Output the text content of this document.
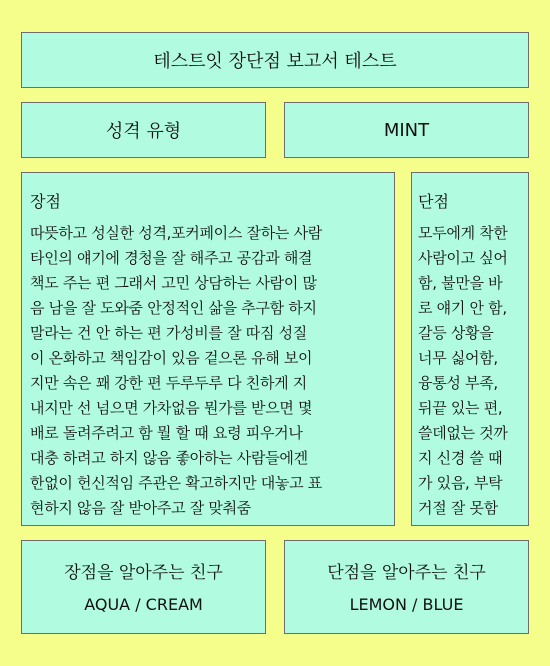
테스트잇 장단점 보고서 테스트
성격 유형	MINT
장점
따뜻하고 성실한 성격,포커페이스 잘하는 사람
타인의 얘기에 경청을 잘 해주고 공감과 해결
책도 주는 편 그래서 고민 상담하는 사람이 많
음 남을 잘 도와줌 안정적인 삶을 추구함 하지
말라는 건 안 하는 편 가성비를 잘 따짐 성질
이 온화하고 책임감이 있음 겉으론 유해 보이
지만 속은 꽤 강한 편 두루두루 다 친하게 지
내지만 선 넘으면 가차없음 뭔가를 받으면 몇
배로 돌려주려고 함 뭘 할 때 요령 피우거나
대충 하려고 하지 않음 좋아하는 사람들에겐
한없이 헌신적임 주관은 확고하지만 대놓고 표
현하지 않음 잘 받아주고 잘 맞춰줌
단점
모두에게 착한
사람이고 싶어
함, 불만을 바
로 얘기 안 함,
갈등 상황을
너무 싫어함,
융통성 부족,
뒤끝 있는 편,
쓸데없는 것까
지 신경 쓸 때
가 있음, 부탁
거절 잘 못함
장점을 알아주는 친구
AQUA / CREAM
단점을 알아주는 친구
LEMON / BLUE
